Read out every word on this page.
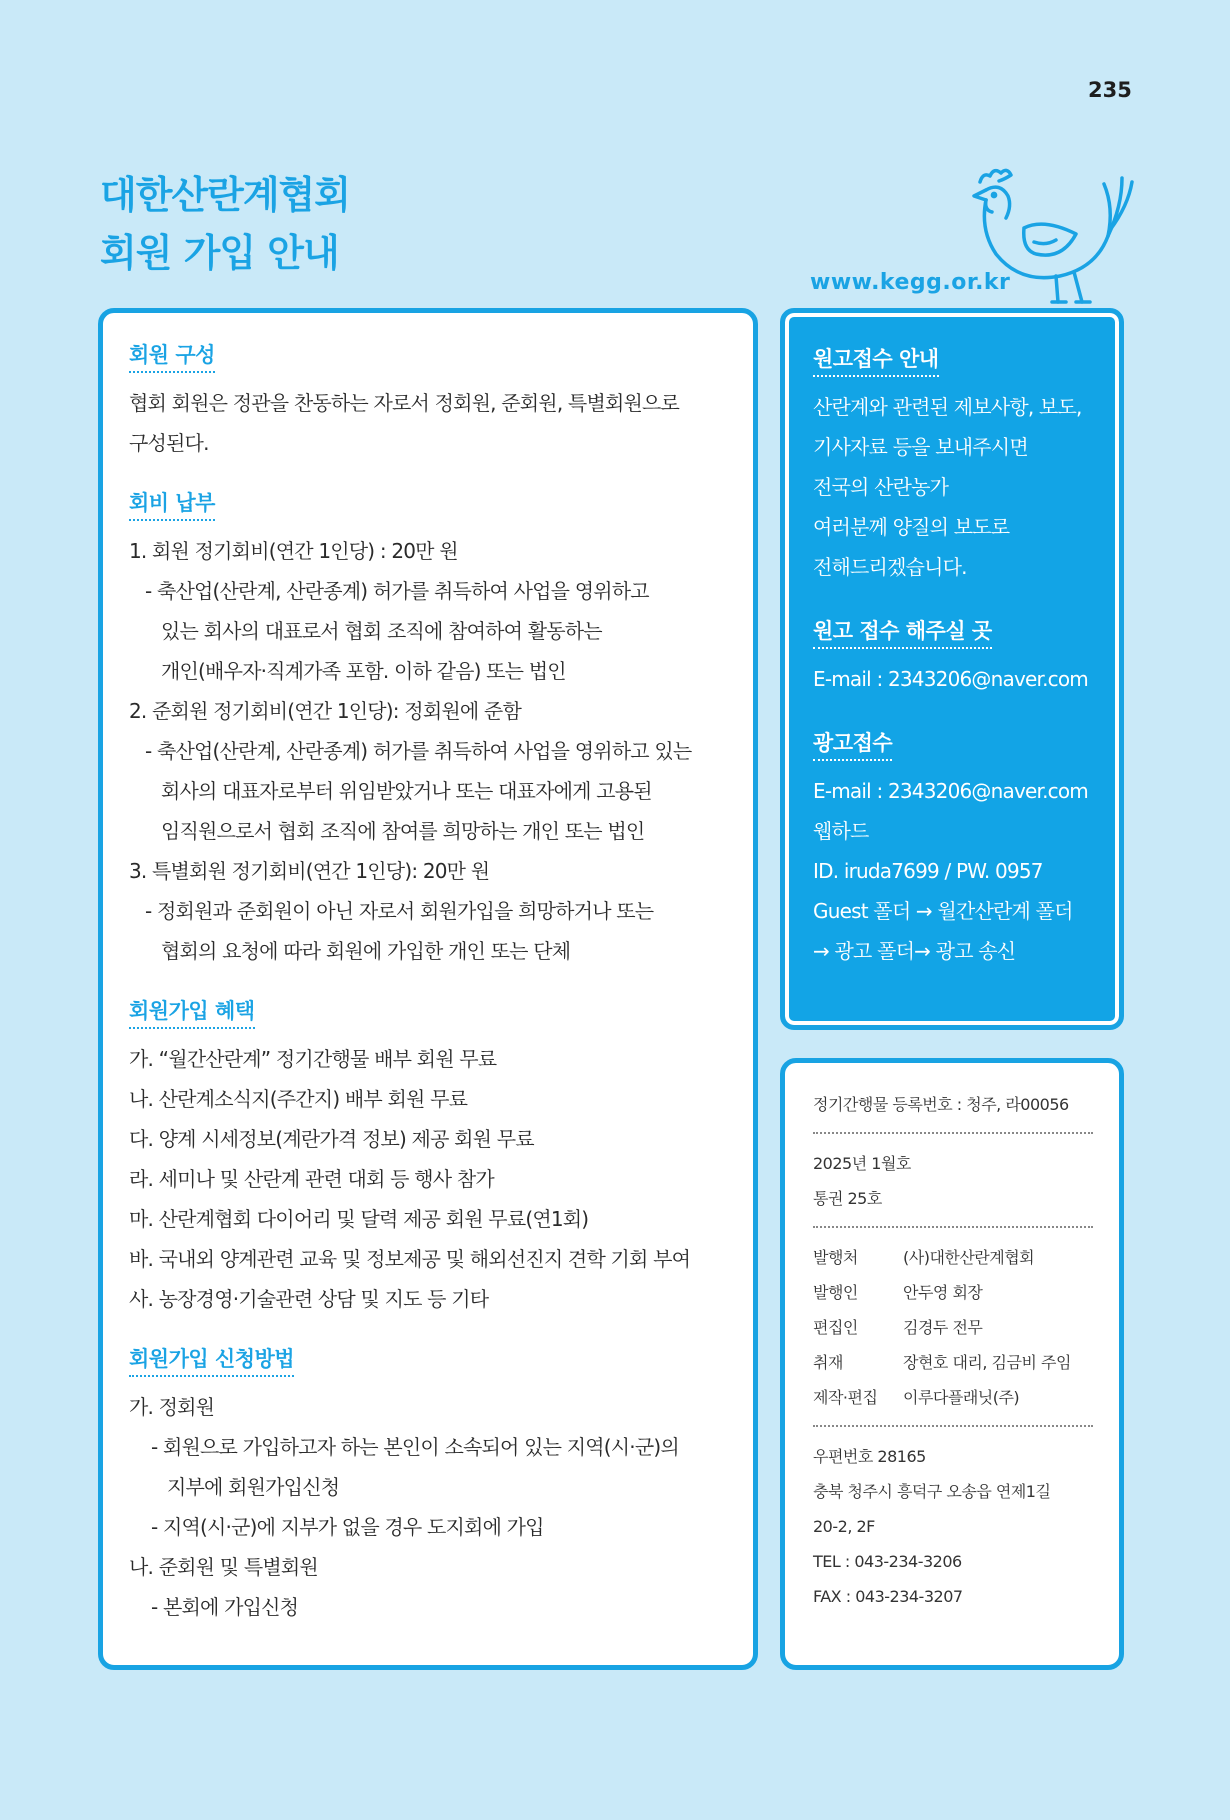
235
대한산란계협회
회원 가입 안내
www.kegg.or.kr
회원 구성
협회 회원은 정관을 찬동하는 자로서 정회원, 준회원, 특별회원으로
구성된다.
회비 납부
1. 회원 정기회비(연간 1인당) : 20만 원
- 축산업(산란계, 산란종계) 허가를 취득하여 사업을 영위하고
있는 회사의 대표로서 협회 조직에 참여하여 활동하는
개인(배우자·직계가족 포함. 이하 같음) 또는 법인
2. 준회원 정기회비(연간 1인당): 정회원에 준함
- 축산업(산란계, 산란종계) 허가를 취득하여 사업을 영위하고 있는
회사의 대표자로부터 위임받았거나 또는 대표자에게 고용된
임직원으로서 협회 조직에 참여를 희망하는 개인 또는 법인
3. 특별회원 정기회비(연간 1인당): 20만 원
- 정회원과 준회원이 아닌 자로서 회원가입을 희망하거나 또는
협회의 요청에 따라 회원에 가입한 개인 또는 단체
회원가입 혜택
가. “월간산란계” 정기간행물 배부 회원 무료
나. 산란계소식지(주간지) 배부 회원 무료
다. 양계 시세정보(계란가격 정보) 제공 회원 무료
라. 세미나 및 산란계 관련 대회 등 행사 참가
마. 산란계협회 다이어리 및 달력 제공 회원 무료(연1회)
바. 국내외 양계관련 교육 및 정보제공 및 해외선진지 견학 기회 부여
사. 농장경영·기술관련 상담 및 지도 등 기타
회원가입 신청방법
가. 정회원
- 회원으로 가입하고자 하는 본인이 소속되어 있는 지역(시·군)의
지부에 회원가입신청
- 지역(시·군)에 지부가 없을 경우 도지회에 가입
나. 준회원 및 특별회원
- 본회에 가입신청
원고접수 안내
산란계와 관련된 제보사항, 보도,
기사자료 등을 보내주시면
전국의 산란농가
여러분께 양질의 보도로
전해드리겠습니다.
원고 접수 해주실 곳
E-mail : 2343206@naver.com
광고접수
E-mail : 2343206@naver.com
웹하드
ID. iruda7699 / PW. 0957
Guest 폴더 → 월간산란계 폴더
→ 광고 폴더→ 광고 송신
정기간행물 등록번호 : 청주, 라00056
2025년 1월호
통권 25호
발행처	(사)대한산란계협회
발행인	안두영 회장
편집인	김경두 전무
취재	장현호 대리, 김금비 주임
제작·편집	이루다플래닛(주)
우편번호 28165
충북 청주시 흥덕구 오송읍 연제1길
20-2, 2F
TEL : 043-234-3206
FAX : 043-234-3207
